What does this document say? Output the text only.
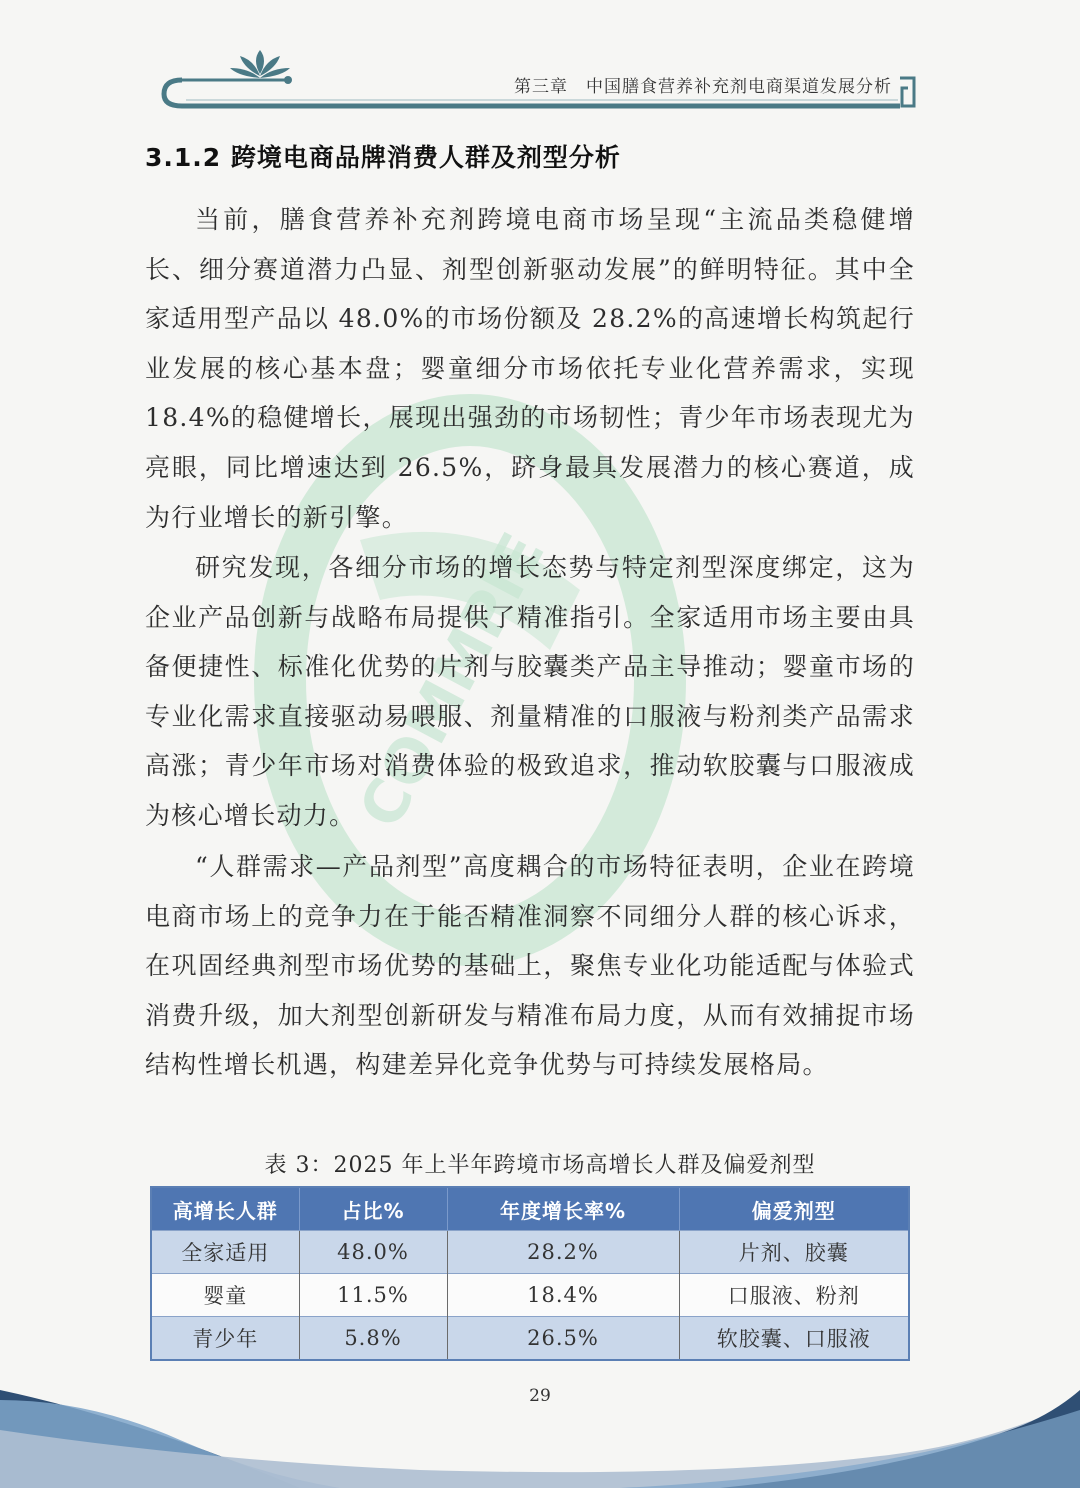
第三章　中国膳食营养补充剂电商渠道发展分析
COMMPIE
3.1.2 跨境电商品牌消费人群及剂型分析

当前，膳食营养补充剂跨境电商市场呈现“主流品类稳健增长、细分赛道潜力凸显、剂型创新驱动发展”的鲜明特征。其中全家适用型产品以 48.0%的市场份额及 28.2%的高速增长构筑起行业发展的核心基本盘；婴童细分市场依托专业化营养需求，实现 18.4%的稳健增长，展现出强劲的市场韧性；青少年市场表现尤为亮眼，同比增速达到 26.5%，跻身最具发展潜力的核心赛道，成为行业增长的新引擎。

研究发现，各细分市场的增长态势与特定剂型深度绑定，这为企业产品创新与战略布局提供了精准指引。全家适用市场主要由具备便捷性、标准化优势的片剂与胶囊类产品主导推动；婴童市场的专业化需求直接驱动易喂服、剂量精准的口服液与粉剂类产品需求高涨；青少年市场对消费体验的极致追求，推动软胶囊与口服液成为核心增长动力。

“人群需求—产品剂型”高度耦合的市场特征表明，企业在跨境电商市场上的竞争力在于能否精准洞察不同细分人群的核心诉求，在巩固经典剂型市场优势的基础上，聚焦专业化功能适配与体验式消费升级，加大剂型创新研发与精准布局力度，从而有效捕捉市场结构性增长机遇，构建差异化竞争优势与可持续发展格局。

表 3：2025 年上半年跨境市场高增长人群及偏爱剂型
高增长人群	占比%	年度增长率%	偏爱剂型
全家适用	48.0%	28.2%	片剂、胶囊
婴童	11.5%	18.4%	口服液、粉剂
青少年	5.8%	26.5%	软胶囊、口服液
29
